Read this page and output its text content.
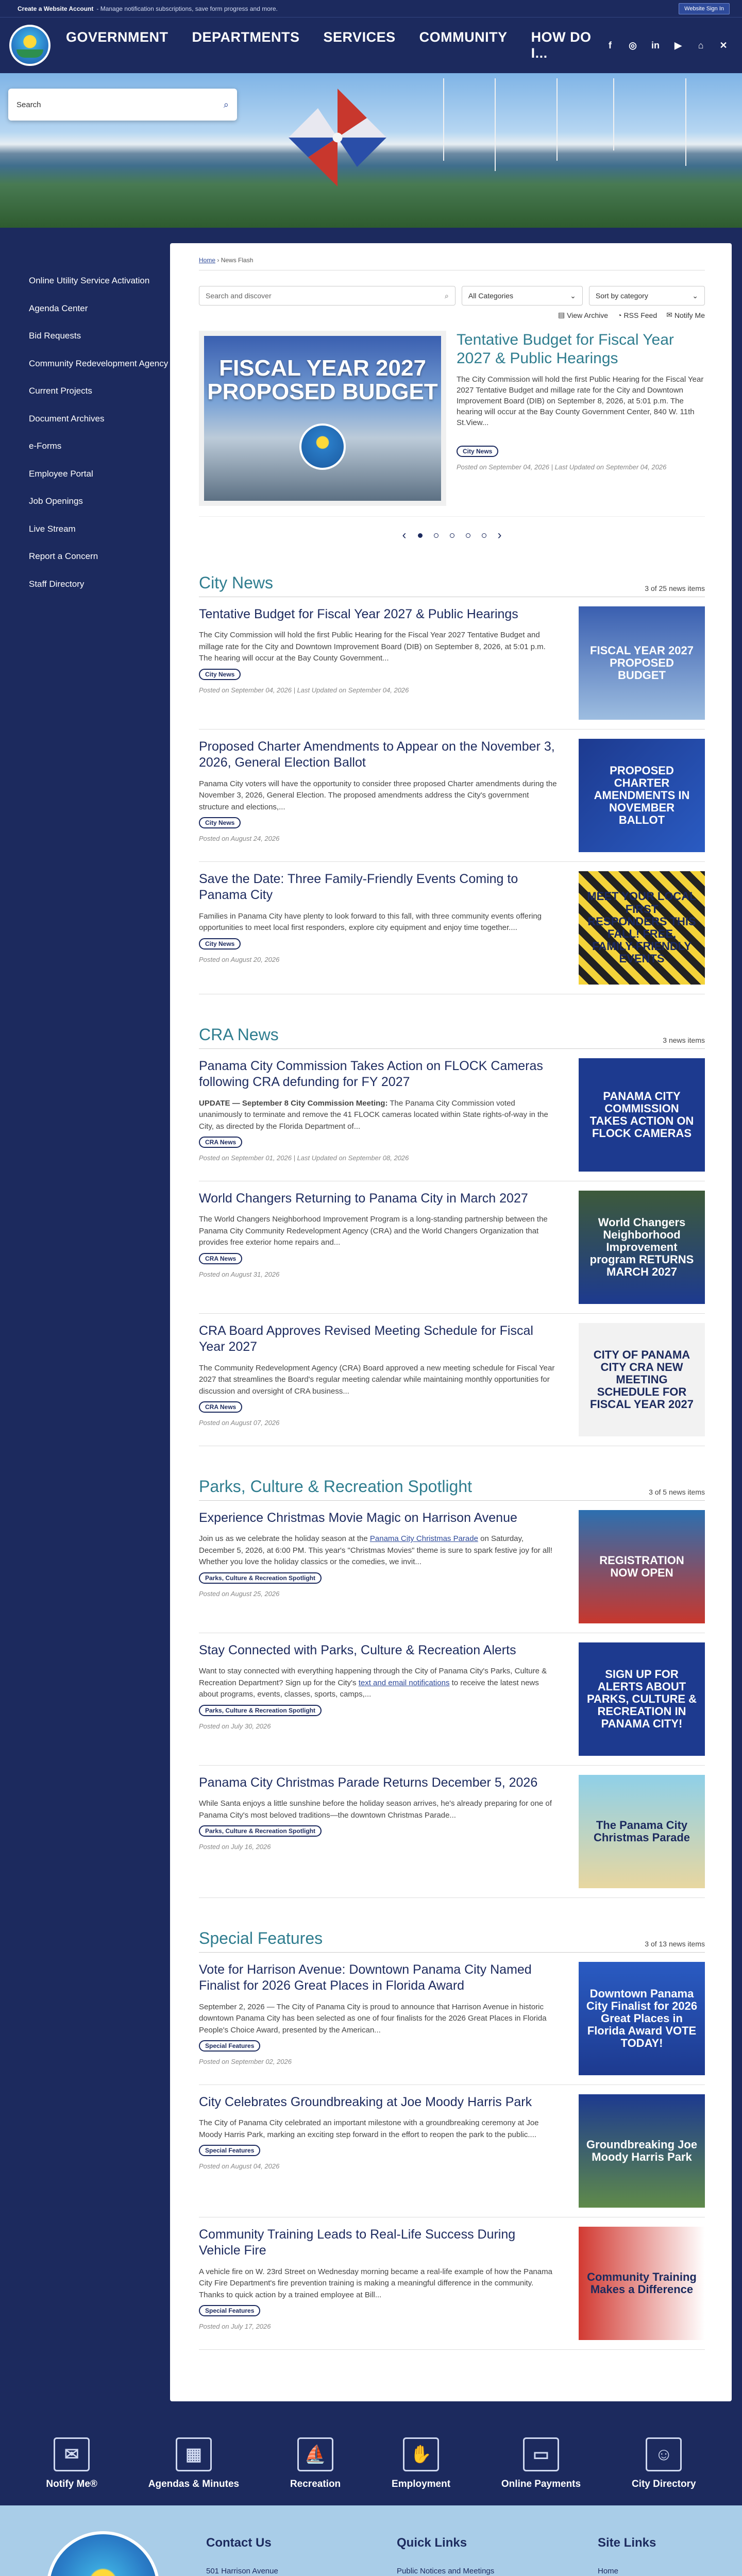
Create a Website Account - Manage notification subscriptions, save form progress and more.	Website Sign In
GOVERNMENT DEPARTMENTS SERVICES COMMUNITY HOW DO I...
f	◎ in ▶	⌂	✕
Search
⌕
Online Utility Service Activation
Agenda Center
Bid Requests
Community Redevelopment Agency
Current Projects
Document Archives
e-Forms
Employee Portal
Job Openings
Live Stream
Report a Concern
Staff Directory
Home › News Flash
Search and discover	⌕	All Categories	⌄	Sort by category	⌄
▤ View Archive ◔ RSS Feed ✉ Notify Me
FISCAL YEAR 2027
PROPOSED BUDGET
Tentative Budget for Fiscal Year 2027 & Public Hearings

The City Commission will hold the first Public Hearing for the Fiscal Year 2027 Tentative Budget and millage rate for the City and Downtown Improvement Board (DIB) on September 8, 2026, at 5:01 p.m. The hearing will occur at the Bay County Government Center, 840 W. 11th St.View...

City News
Posted on September 04, 2026 | Last Updated on September 04, 2026
‹	›
City News	3 of 25 news items
Tentative Budget for Fiscal Year 2027 & Public Hearings

The City Commission will hold the first Public Hearing for the Fiscal Year 2027 Tentative Budget and millage rate for the City and Downtown Improvement Board (DIB) on September 8, 2026, at 5:01 p.m. The hearing will occur at the Bay County Government...

City News
Posted on September 04, 2026 | Last Updated on September 04, 2026
FISCAL YEAR 2027 PROPOSED BUDGET
Proposed Charter Amendments to Appear on the November 3, 2026, General Election Ballot

Panama City voters will have the opportunity to consider three proposed Charter amendments during the November 3, 2026, General Election. The proposed amendments address the City's government structure and elections,...

City News
Posted on August 24, 2026
PROPOSED CHARTER AMENDMENTS IN NOVEMBER BALLOT
Save the Date: Three Family-Friendly Events Coming to Panama City

Families in Panama City have plenty to look forward to this fall, with three community events offering opportunities to meet local first responders, explore city equipment and enjoy time together....

City News
Posted on August 20, 2026
MEET YOUR LOCAL FIRST RESPONDERS THIS FALL! FREE, FAMILY-FRIENDLY EVENTS
CRA News	3 news items
Panama City Commission Takes Action on FLOCK Cameras following CRA defunding for FY 2027

UPDATE — September 8 City Commission Meeting: The Panama City Commission voted unanimously to terminate and remove the 41 FLOCK cameras located within State rights-of-way in the City, as directed by the Florida Department of...

CRA News
Posted on September 01, 2026 | Last Updated on September 08, 2026
PANAMA CITY COMMISSION TAKES ACTION ON FLOCK CAMERAS
World Changers Returning to Panama City in March 2027

The World Changers Neighborhood Improvement Program is a long-standing partnership between the Panama City Community Redevelopment Agency (CRA) and the World Changers Organization that provides free exterior home repairs and...

CRA News
Posted on August 31, 2026
World Changers Neighborhood Improvement program RETURNS MARCH 2027
CRA Board Approves Revised Meeting Schedule for Fiscal Year 2027

The Community Redevelopment Agency (CRA) Board approved a new meeting schedule for Fiscal Year 2027 that streamlines the Board's regular meeting calendar while maintaining monthly opportunities for discussion and oversight of CRA business...

CRA News
Posted on August 07, 2026
CITY OF PANAMA CITY CRA NEW MEETING SCHEDULE FOR FISCAL YEAR 2027
Parks, Culture & Recreation Spotlight	3 of 5 news items
Experience Christmas Movie Magic on Harrison Avenue

Join us as we celebrate the holiday season at the Panama City Christmas Parade on Saturday, December 5, 2026, at 6:00 PM. This year's "Christmas Movies" theme is sure to spark festive joy for all! Whether you love the holiday classics or the comedies, we invit...

Parks, Culture & Recreation Spotlight
Posted on August 25, 2026
REGISTRATION NOW OPEN
Stay Connected with Parks, Culture & Recreation Alerts

Want to stay connected with everything happening through the City of Panama City's Parks, Culture & Recreation Department? Sign up for the City's text and email notifications to receive the latest news about programs, events, classes, sports, camps,...

Parks, Culture & Recreation Spotlight
Posted on July 30, 2026
SIGN UP FOR ALERTS ABOUT PARKS, CULTURE & RECREATION IN PANAMA CITY!
Panama City Christmas Parade Returns December 5, 2026

While Santa enjoys a little sunshine before the holiday season arrives, he's already preparing for one of Panama City's most beloved traditions—the downtown Christmas Parade...

Parks, Culture & Recreation Spotlight
Posted on July 16, 2026
The Panama City Christmas Parade
Special Features	3 of 13 news items
Vote for Harrison Avenue: Downtown Panama City Named Finalist for 2026 Great Places in Florida Award

September 2, 2026 — The City of Panama City is proud to announce that Harrison Avenue in historic downtown Panama City has been selected as one of four finalists for the 2026 Great Places in Florida People's Choice Award, presented by the American...

Special Features
Posted on September 02, 2026
Downtown Panama City Finalist for 2026 Great Places in Florida Award VOTE TODAY!
City Celebrates Groundbreaking at Joe Moody Harris Park

The City of Panama City celebrated an important milestone with a groundbreaking ceremony at Joe Moody Harris Park, marking an exciting step forward in the effort to reopen the park to the public....

Special Features
Posted on August 04, 2026
Groundbreaking Joe Moody Harris Park
Community Training Leads to Real-Life Success During Vehicle Fire

A vehicle fire on W. 23rd Street on Wednesday morning became a real-life example of how the Panama City Fire Department's fire prevention training is making a meaningful difference in the community. Thanks to quick action by a trained employee at Bill...

Special Features
Posted on July 17, 2026
Community Training Makes a Difference
✉
Notify Me®
▦
Agendas & Minutes
⛵
Recreation
✋
Employment
▭
Online Payments
☺
City Directory
Contact Us
501 Harrison Avenue
Quick Links
Public Notices and Meetings
Site Links
Home
